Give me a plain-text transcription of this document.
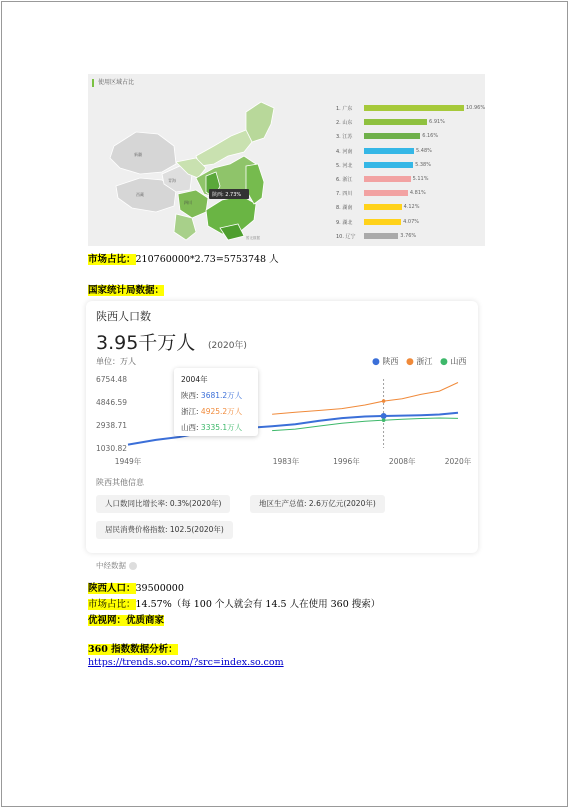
使用区域占比
新疆
西藏
青海
四川
陕西: 2.73%
暂无数据
1. 广东	10.96%
2. 山东	6.91%
3. 江苏	6.16%
4. 河南	5.48%
5. 河北	5.38%
6. 浙江	5.11%
7. 四川	4.81%
8. 湖南	4.12%
9. 湖北	4.07%
10. 辽宁	3.76%
市场占比：210760000*2.73=5753748 人
国家统计局数据：
陕西人口数
3.95千万人 (2020年)
单位：万人	● 陕西 ● 浙江 ● 山西
6754.48
4846.59
2938.71
1030.82
1949年	1983年	1996年	2008年	2020年
2004年
陕西: 3681.2万人
浙江: 4925.2万人
山西: 3335.1万人
陕西其他信息
人口数同比增长率: 0.3%(2020年)	地区生产总值: 2.6万亿元(2020年)
居民消费价格指数: 102.5(2020年)
中经数据
陕西人口：39500000
市场占比：14.57%（每 100 个人就会有 14.5 人在使用 360 搜索）
优视网：优质商家
360 指数数据分析：
https://trends.so.com/?src=index.so.com
